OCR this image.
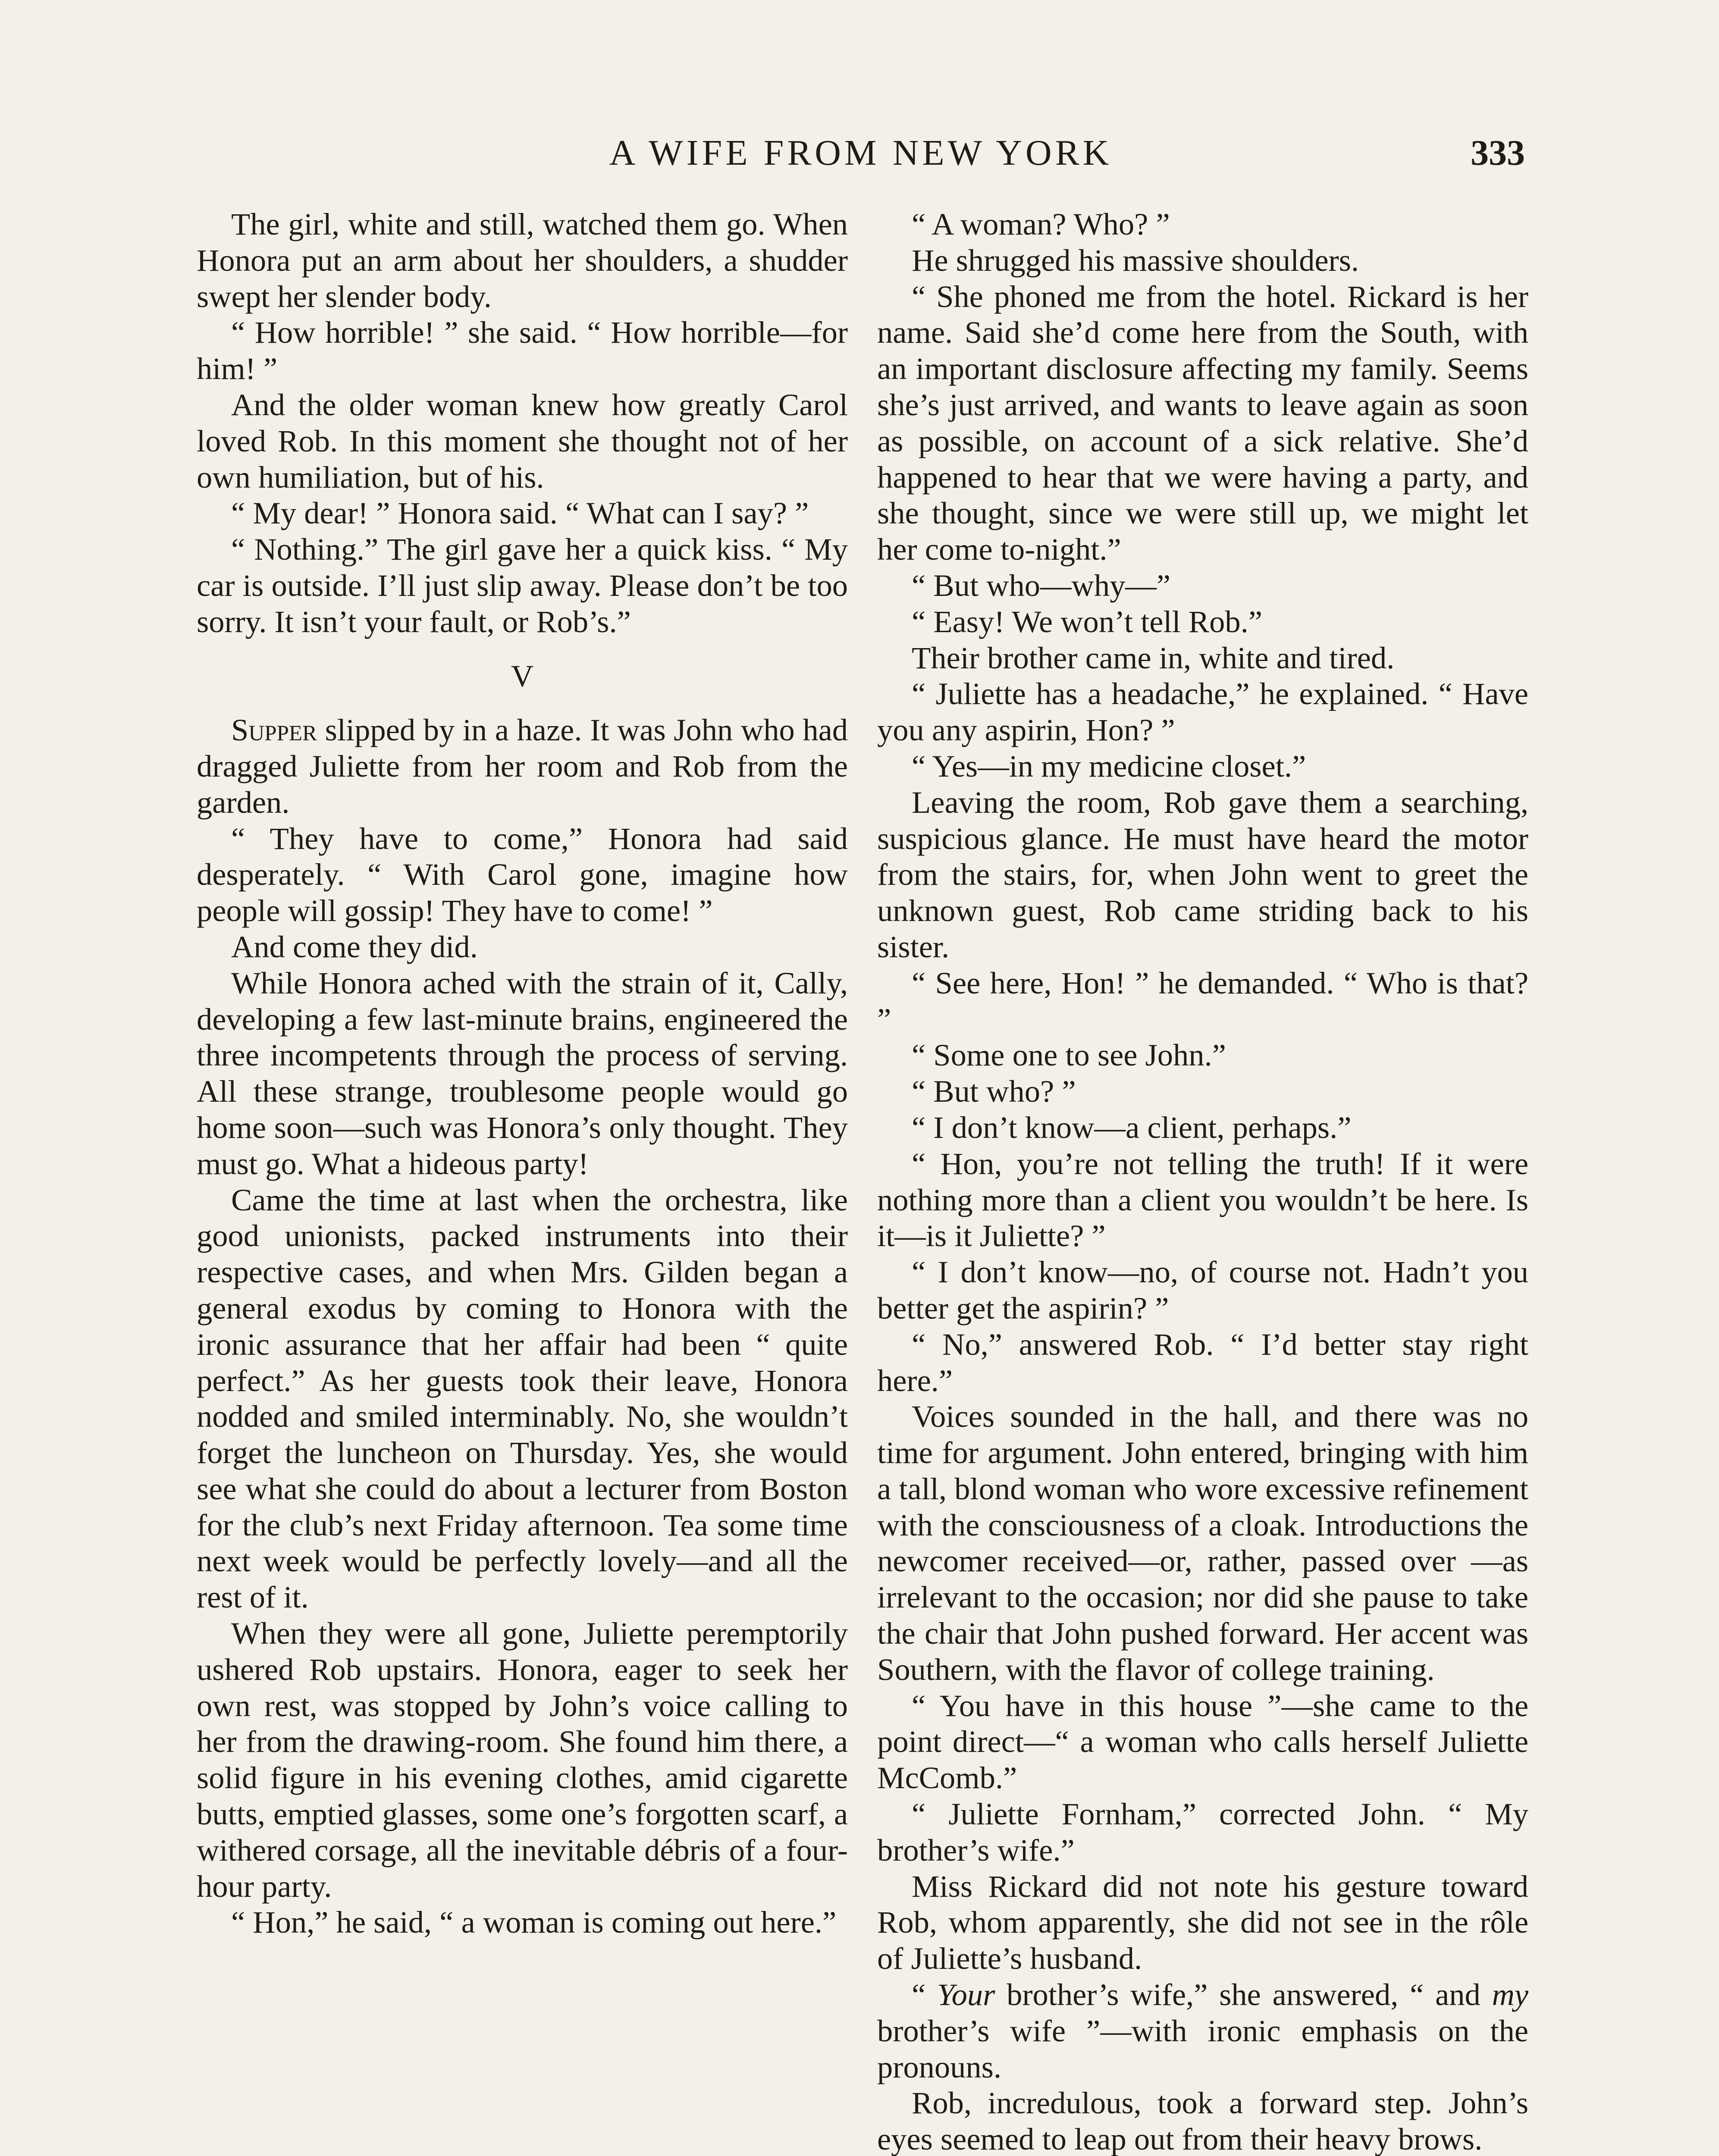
A WIFE FROM NEW YORK	333

The girl, white and still, watched them go. When Honora put an arm about her shoulders, a shudder swept her slender body.

“ How horrible! ” she said. “ How horrible—for him! ”

And the older woman knew how greatly Carol loved Rob. In this moment she thought not of her own humiliation, but of his.

“ My dear! ” Honora said. “ What can I say? ”

“ Nothing.” The girl gave her a quick kiss. “ My car is outside. I’ll just slip away. Please don’t be too sorry. It isn’t your fault, or Rob’s.”

V

Supper slipped by in a haze. It was John who had dragged Juliette from her room and Rob from the garden.

“ They have to come,” Honora had said desperately. “ With Carol gone, imagine how people will gossip! They have to come! ”

And come they did.

While Honora ached with the strain of it, Cally, developing a few last-minute brains, engineered the three incompetents through the process of serving. All these strange, troublesome people would go home soon—such was Honora’s only thought. They must go. What a hideous party!

Came the time at last when the orchestra, like good unionists, packed instruments into their respective cases, and when Mrs. Gilden began a general exodus by coming to Honora with the ironic assurance that her affair had been “ quite perfect.” As her guests took their leave, Honora nodded and smiled interminably. No, she wouldn’t forget the luncheon on Thursday. Yes, she would see what she could do about a lecturer from Boston for the club’s next Friday afternoon. Tea some time next week would be perfectly lovely—and all the rest of it.

When they were all gone, Juliette peremptorily ushered Rob upstairs. Honora, eager to seek her own rest, was stopped by John’s voice calling to her from the drawing-room. She found him there, a solid figure in his evening clothes, amid cigarette butts, emptied glasses, some one’s forgotten scarf, a withered corsage, all the inevitable débris of a four-hour party.

“ Hon,” he said, “ a woman is coming out here.”

“ A woman? Who? ”

He shrugged his massive shoulders.

“ She phoned me from the hotel. Rickard is her name. Said she’d come here from the South, with an important disclosure affecting my family. Seems she’s just arrived, and wants to leave again as soon as possible, on account of a sick relative. She’d happened to hear that we were having a party, and she thought, since we were still up, we might let her come to-night.”

“ But who—why—”

“ Easy! We won’t tell Rob.”

Their brother came in, white and tired.

“ Juliette has a headache,” he explained. “ Have you any aspirin, Hon? ”

“ Yes—in my medicine closet.”

Leaving the room, Rob gave them a searching, suspicious glance. He must have heard the motor from the stairs, for, when John went to greet the unknown guest, Rob came striding back to his sister.

“ See here, Hon! ” he demanded. “ Who is that? ”

“ Some one to see John.”

“ But who? ”

“ I don’t know—a client, perhaps.”

“ Hon, you’re not telling the truth! If it were nothing more than a client you wouldn’t be here. Is it—is it Juliette? ”

“ I don’t know—no, of course not. Hadn’t you better get the aspirin? ”

“ No,” answered Rob. “ I’d better stay right here.”

Voices sounded in the hall, and there was no time for argument. John entered, bringing with him a tall, blond woman who wore excessive refinement with the consciousness of a cloak. Introductions the newcomer received—or, rather, passed over —as irrelevant to the occasion; nor did she pause to take the chair that John pushed forward. Her accent was Southern, with the flavor of college training.

“ You have in this house ”—she came to the point direct—“ a woman who calls herself Juliette McComb.”

“ Juliette Fornham,” corrected John. “ My brother’s wife.”

Miss Rickard did not note his gesture toward Rob, whom apparently, she did not see in the rôle of Juliette’s husband.

“ Your brother’s wife,” she answered, “ and my brother’s wife ”—with ironic emphasis on the pronouns.

Rob, incredulous, took a forward step. John’s eyes seemed to leap out from their heavy brows.
